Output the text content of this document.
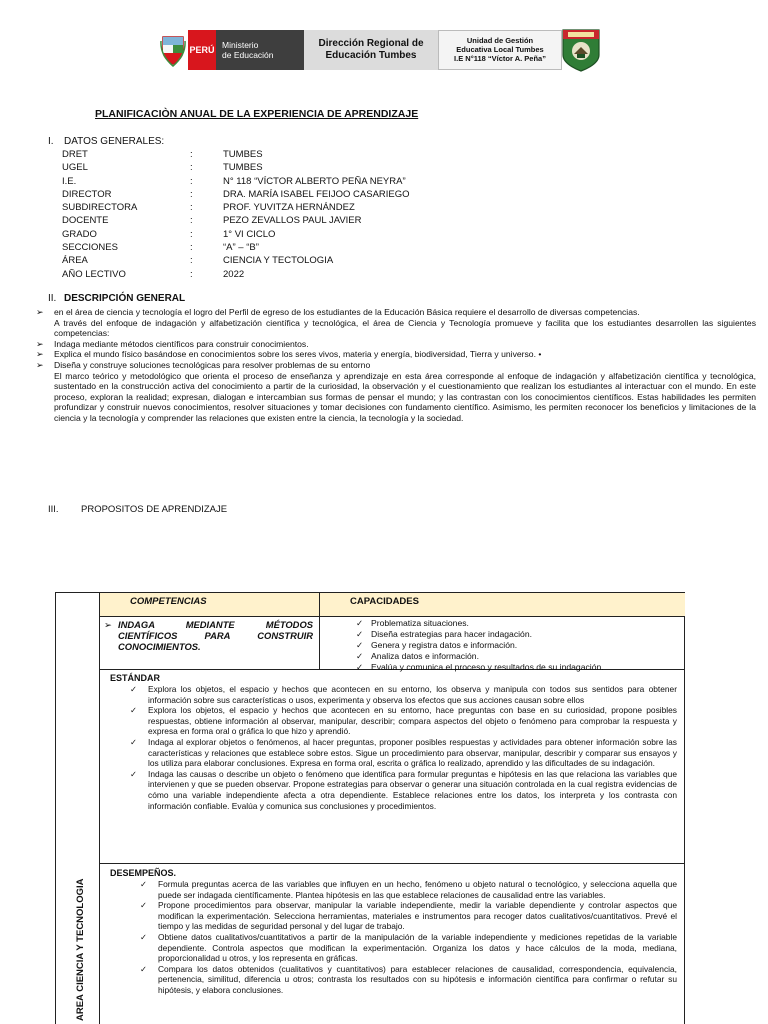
PERÚ Ministerio
de Educación
Dirección Regional de
Educación Tumbes
Unidad de Gestión
Educativa Local Tumbes
I.E N°118 “Víctor A. Peña”
PLANIFICACIÒN ANUAL DE LA EXPERIENCIA DE APRENDIZAJE
I. DATOS GENERALES:
DRET	:	TUMBES
UGEL	:	TUMBES
I.E.	:	N° 118 “VÍCTOR ALBERTO PEÑA NEYRA”
DIRECTOR	:	DRA. MARÍA ISABEL FEIJOO CASARIEGO
SUBDIRECTORA	:	PROF. YUVITZA HERNÁNDEZ
DOCENTE	:	PEZO ZEVALLOS PAUL JAVIER
GRADO	:	1° VI CICLO
SECCIONES	:	“A” – “B”
ÁREA	:	CIENCIA Y TECTOLOGIA
AÑO LECTIVO	:	2022
II. DESCRIPCIÓN GENERAL
➢ en el área de ciencia y tecnología el logro del Perfil de egreso de los estudiantes de la Educación Básica requiere el desarrollo de diversas competencias.
A través del enfoque de indagación y alfabetización científica y tecnológica, el área de Ciencia y Tecnología promueve y facilita que los estudiantes desarrollen las siguientes competencias:
➢ Indaga mediante métodos científicos para construir conocimientos.
➢ Explica el mundo físico basándose en conocimientos sobre los seres vivos, materia y energía, biodiversidad, Tierra y universo. •
➢ Diseña y construye soluciones tecnológicas para resolver problemas de su entorno
El marco teórico y metodológico que orienta el proceso de enseñanza y aprendizaje en esta área corresponde al enfoque de indagación y alfabetización científica y tecnológica, sustentado en la construcción activa del conocimiento a partir de la curiosidad, la observación y el cuestionamiento que realizan los estudiantes al interactuar con el mundo. En este proceso, exploran la realidad; expresan, dialogan e intercambian sus formas de pensar el mundo; y las contrastan con los conocimientos científicos. Estas habilidades les permiten profundizar y construir nuevos conocimientos, resolver situaciones y tomar decisiones con fundamento científico. Asimismo, les permiten reconocer los beneficios y limitaciones de la ciencia y la tecnología y comprender las relaciones que existen entre la ciencia, la tecnología y la sociedad.
III. PROPOSITOS DE APRENDIZAJE
AREA CIENCIA Y TECNOLOGIA
COMPETENCIAS	CAPACIDADES
➢ INDAGA MEDIANTE MÉTODOS CIENTÍFICOS PARA CONSTRUIR CONOCIMIENTOS.
✓ Problematiza situaciones.
✓ Diseña estrategias para hacer indagación.
✓ Genera y registra datos e información.
✓ Analiza datos e información.
✓ Evalúa y comunica el proceso y resultados de su indagación.
ESTÁNDAR
✓	Explora los objetos, el espacio y hechos que acontecen en su entorno, los observa y manipula con todos sus sentidos para obtener información sobre sus características o usos, experimenta y observa los efectos que sus acciones causan sobre ellos
✓	Explora los objetos, el espacio y hechos que acontecen en su entorno, hace preguntas con base en su curiosidad, propone posibles respuestas, obtiene información al observar, manipular, describir; compara aspectos del objeto o fenómeno para comprobar la respuesta y expresa en forma oral o gráfica lo que hizo y aprendió.
✓	Indaga al explorar objetos o fenómenos, al hacer preguntas, proponer posibles respuestas y actividades para obtener información sobre las características y relaciones que establece sobre estos. Sigue un procedimiento para observar, manipular, describir y comparar sus ensayos y los utiliza para elaborar conclusiones. Expresa en forma oral, escrita o gráfica lo realizado, aprendido y las dificultades de su indagación.
✓	Indaga las causas o describe un objeto o fenómeno que identifica para formular preguntas e hipótesis en las que relaciona las variables que intervienen y que se pueden observar. Propone estrategias para observar o generar una situación controlada en la cual registra evidencias de cómo una variable independiente afecta a otra dependiente. Establece relaciones entre los datos, los interpreta y los contrasta con información confiable. Evalúa y comunica sus conclusiones y procedimientos.
DESEMPEÑOS.
✓	Formula preguntas acerca de las variables que influyen en un hecho, fenómeno u objeto natural o tecnológico, y selecciona aquella que puede ser indagada científicamente. Plantea hipótesis en las que establece relaciones de causalidad entre las variables.
✓	Propone procedimientos para observar, manipular la variable independiente, medir la variable dependiente y controlar aspectos que modifican la experimentación. Selecciona herramientas, materiales e instrumentos para recoger datos cualitativos/cuantitativos. Prevé el tiempo y las medidas de seguridad personal y del lugar de trabajo.
✓	Obtiene datos cualitativos/cuantitativos a partir de la manipulación de la variable independiente y mediciones repetidas de la variable dependiente. Controla aspectos que modifican la experimentación. Organiza los datos y hace cálculos de la moda, mediana, proporcionalidad u otros, y los representa en gráficas.
✓	Compara los datos obtenidos (cualitativos y cuantitativos) para establecer relaciones de causalidad, correspondencia, equivalencia, pertenencia, similitud, diferencia u otros; contrasta los resultados con su hipótesis e información científica para confirmar o refutar su hipótesis, y elabora conclusiones.
